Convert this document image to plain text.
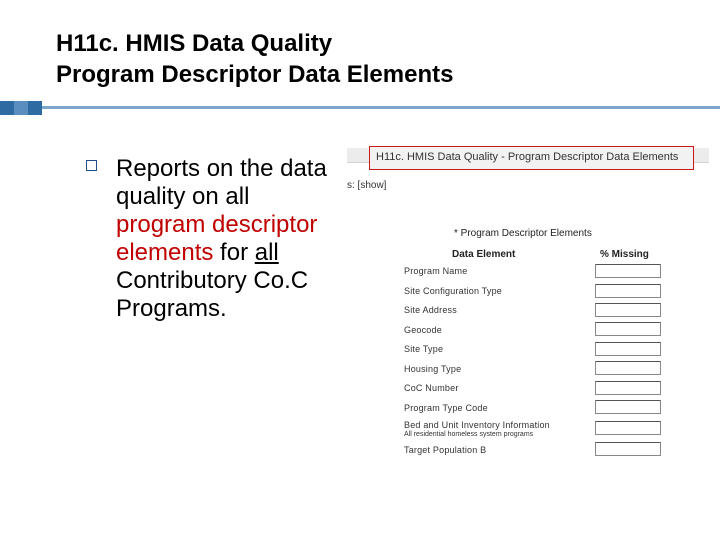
H11c. HMIS Data Quality
Program Descriptor Data Elements
Reports on the data quality on all program descriptor elements for all Contributory Co.C Programs.
H11c. HMIS Data Quality - Program Descriptor Data Elements
s: [show]
* Program Descriptor Elements
Data Element	% Missing
Program Name
Site Configuration Type
Site Address
Geocode
Site Type
Housing Type
CoC Number
Program Type Code
Bed and Unit Inventory Information
All residential homeless system programs
Target Population B
